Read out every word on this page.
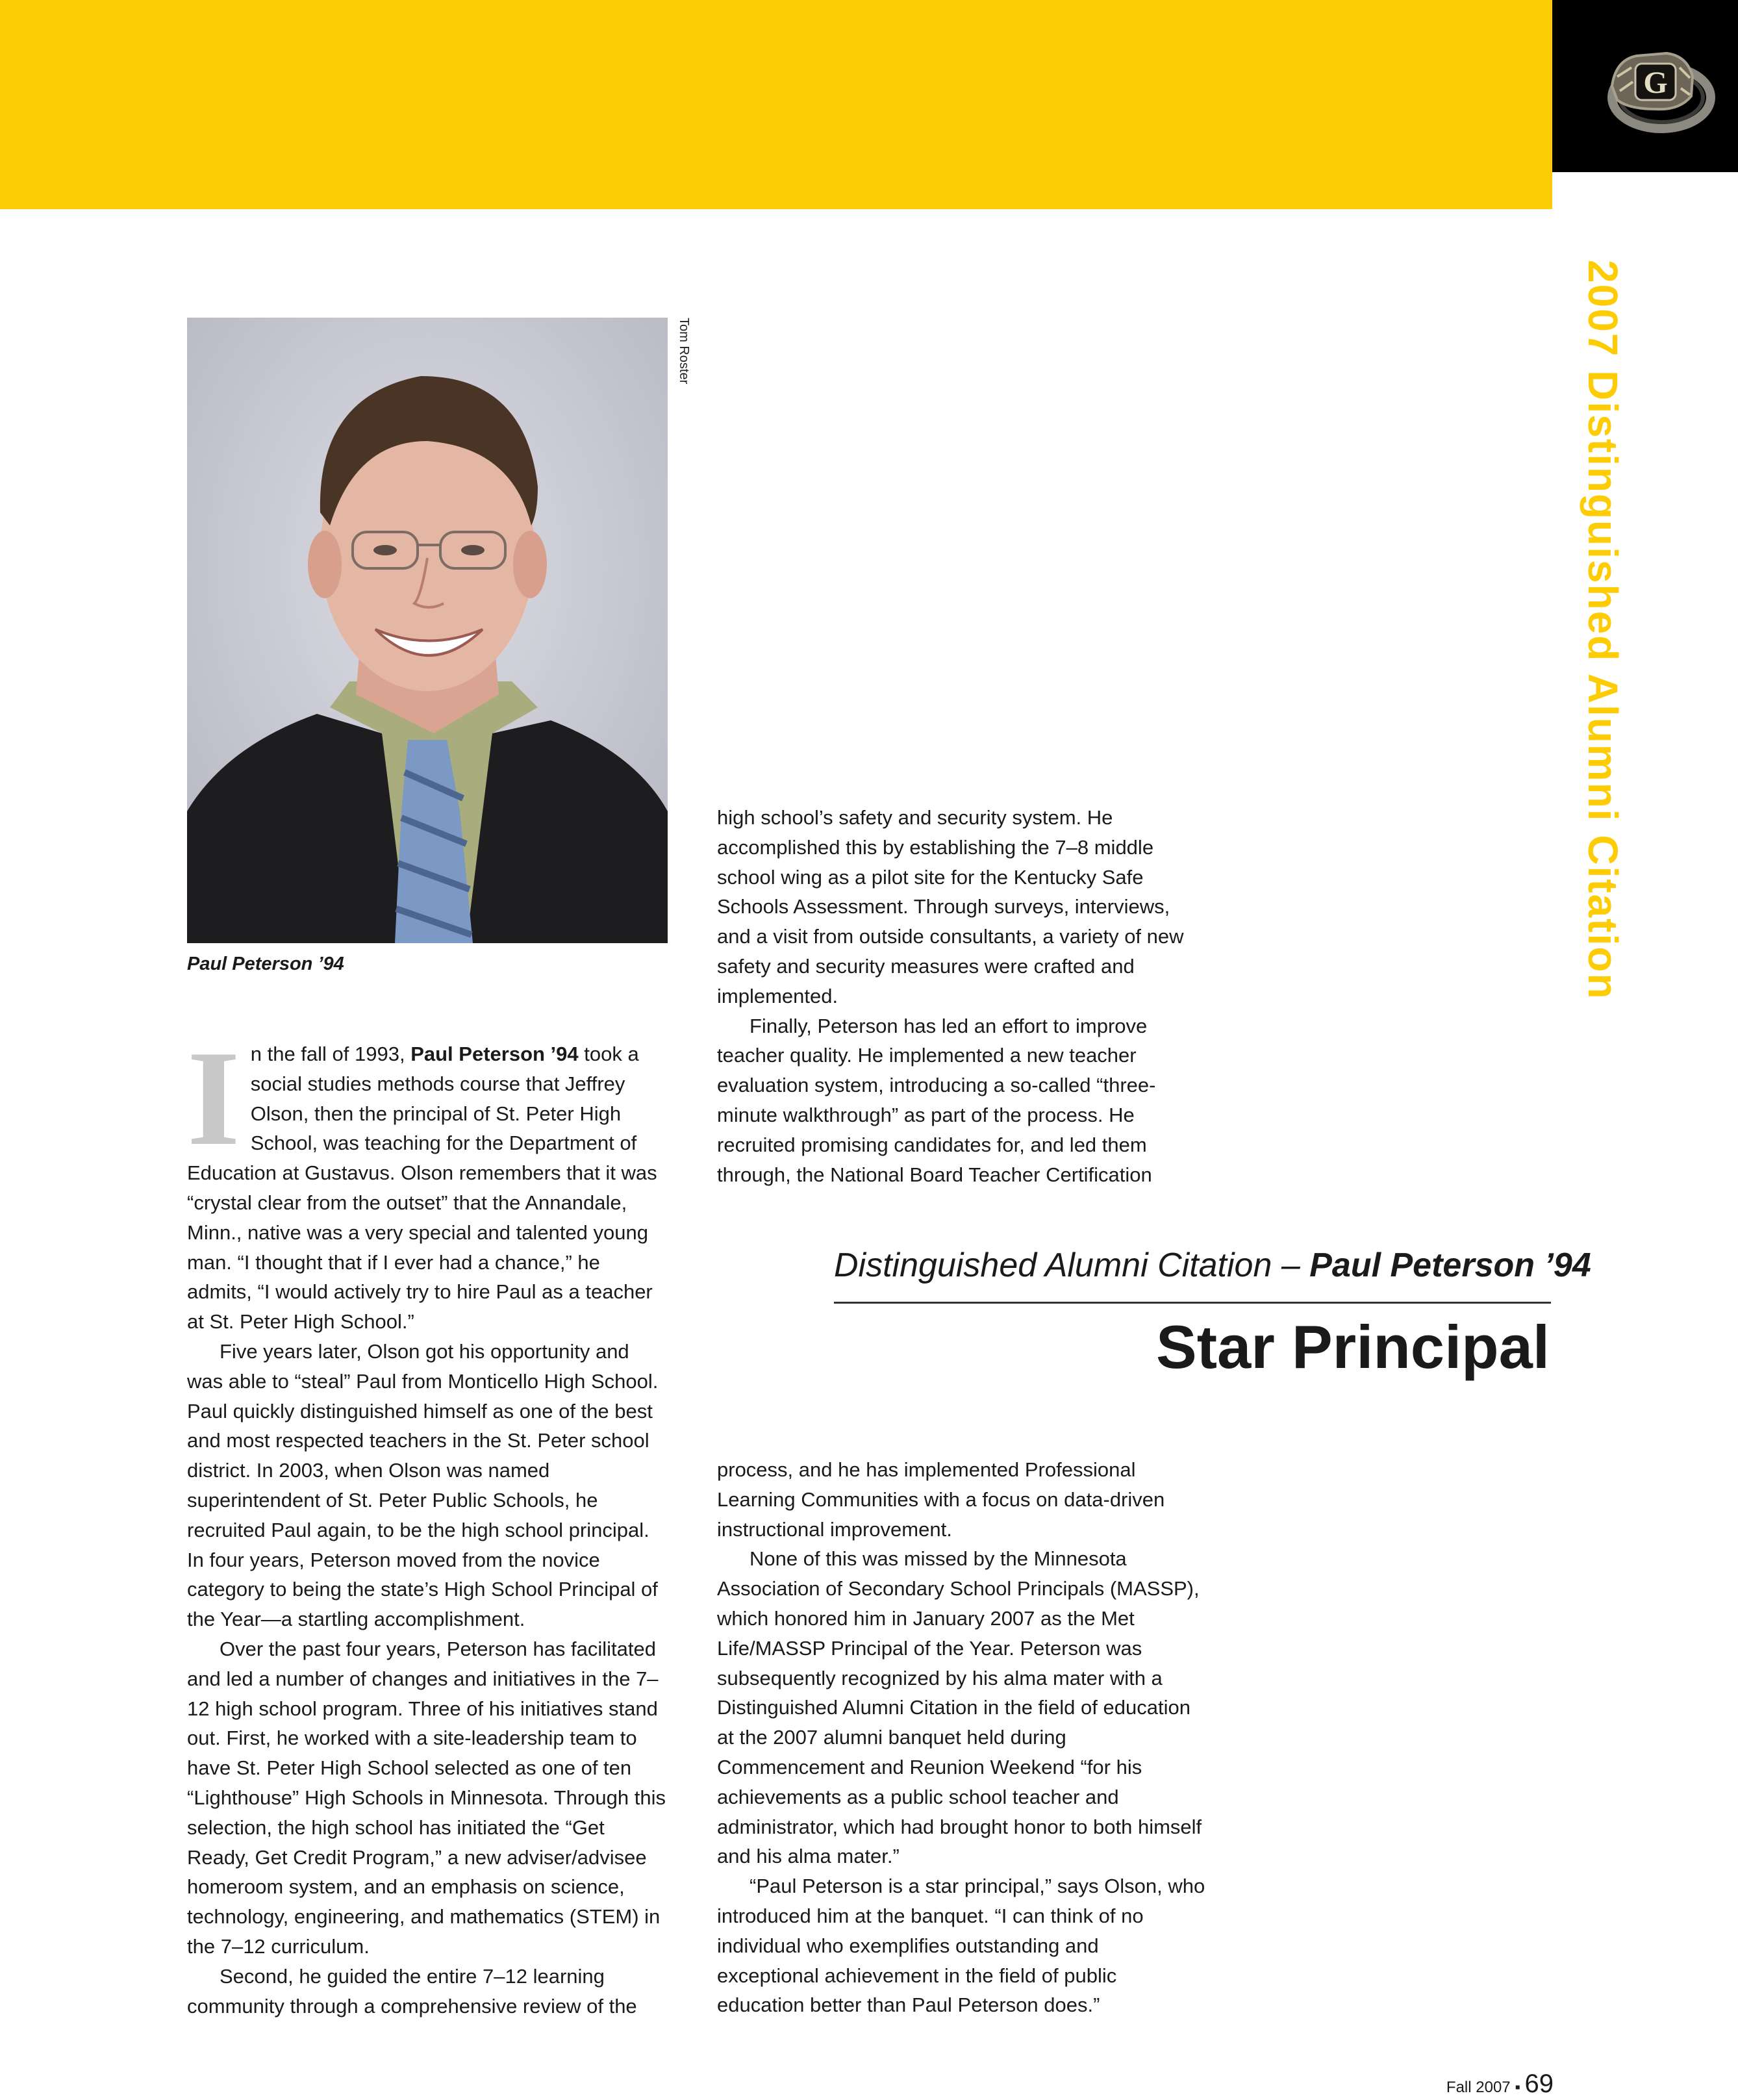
G
2007 Distinguished Alumni Citation
Tom Roster
Paul Peterson ’94

In the fall of 1993, Paul Peterson ’94 took a social studies methods course that Jeffrey Olson, then the principal of St. Peter High School, was teaching for the Department of Education at Gustavus. Olson remembers that it was “crystal clear from the outset” that the Annandale, Minn., native was a very special and talented young man. “I thought that if I ever had a chance,” he admits, “I would actively try to hire Paul as a teacher at St. Peter High School.”

Five years later, Olson got his opportunity and was able to “steal” Paul from Monticello High School. Paul quickly distinguished himself as one of the best and most respected teachers in the St. Peter school district. In 2003, when Olson was named superintendent of St. Peter Public Schools, he recruited Paul again, to be the high school principal. In four years, Peterson moved from the novice category to being the state’s High School Principal of the Year—a startling accomplishment.

Over the past four years, Peterson has facilitated and led a number of changes and initiatives in the 7–12 high school program. Three of his initiatives stand out. First, he worked with a site-leadership team to have St. Peter High School selected as one of ten “Lighthouse” High Schools in Minnesota. Through this selection, the high school has initiated the “Get Ready, Get Credit Program,” a new adviser/advisee homeroom system, and an emphasis on science, technology, engineering, and mathematics (STEM) in the 7–12 curriculum.

Second, he guided the entire 7–12 learning community through a comprehensive review of the

high school’s safety and security system. He accomplished this by establishing the 7–8 middle school wing as a pilot site for the Kentucky Safe Schools Assessment. Through surveys, interviews, and a visit from outside consultants, a variety of new safety and security measures were crafted and implemented.

Finally, Peterson has led an effort to improve teacher quality. He implemented a new teacher evaluation system, introducing a so-called “three-minute walkthrough” as part of the process. He recruited promising candidates for, and led them through, the National Board Teacher Certification

Distinguished Alumni Citation – Paul Peterson ’94
Star Principal

process, and he has implemented Professional Learning Communities with a focus on data-driven instructional improvement.

None of this was missed by the Minnesota Association of Secondary School Principals (MASSP), which honored him in January 2007 as the Met Life/MASSP Principal of the Year. Peterson was subsequently recognized by his alma mater with a Distinguished Alumni Citation in the field of education at the 2007 alumni banquet held during Commencement and Reunion Weekend “for his achievements as a public school teacher and administrator, which had brought honor to both himself and his alma mater.”

“Paul Peterson is a star principal,” says Olson, who introduced him at the banquet. “I can think of no individual who exemplifies outstanding and exceptional achievement in the field of public education better than Paul Peterson does.”

Fall 2007 ▪ 69
